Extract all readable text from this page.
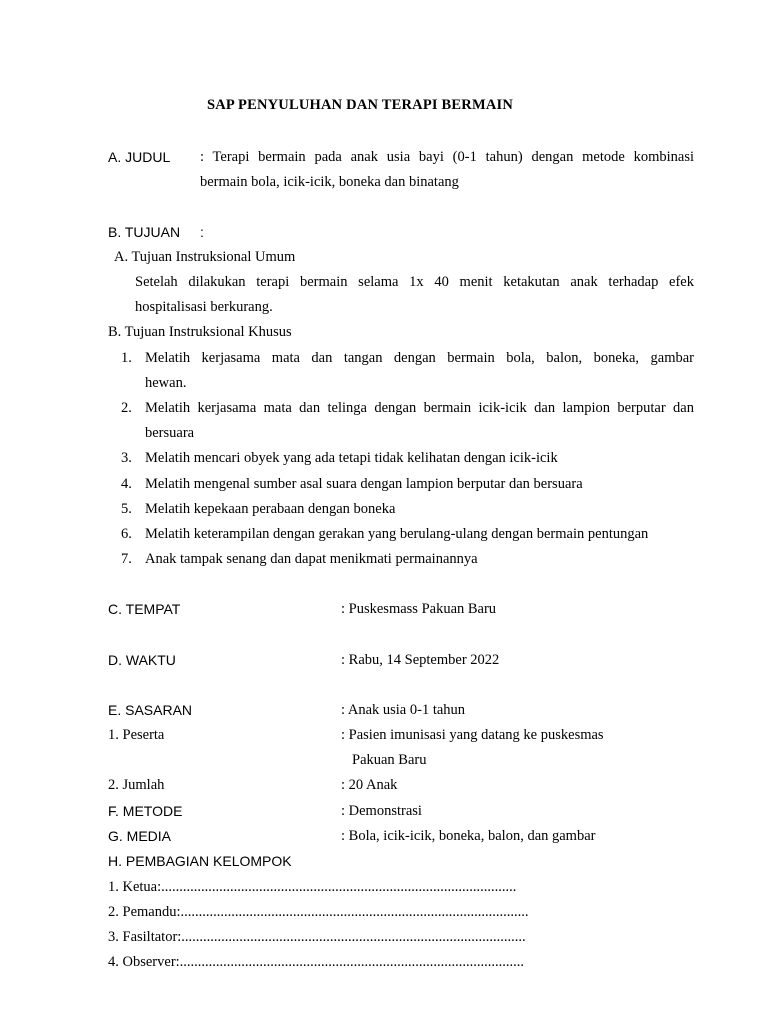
SAP PENYULUHAN DAN TERAPI BERMAIN
A. JUDUL : Terapi bermain pada anak usia bayi (0-1 tahun) dengan metode kombinasi
bermain bola, icik-icik, boneka dan binatang
B. TUJUAN :
A. Tujuan Instruksional Umum
Setelah dilakukan terapi bermain selama 1x 40 menit ketakutan anak terhadap efek
hospitalisasi berkurang.
B. Tujuan Instruksional Khusus
1. Melatih kerjasama mata dan tangan dengan bermain bola, balon, boneka, gambar
hewan.
2. Melatih kerjasama mata dan telinga dengan bermain icik-icik dan lampion berputar dan
bersuara
3. Melatih mencari obyek yang ada tetapi tidak kelihatan dengan icik-icik
4. Melatih mengenal sumber asal suara dengan lampion berputar dan bersuara
5. Melatih kepekaan perabaan dengan boneka
6. Melatih keterampilan dengan gerakan yang berulang-ulang dengan bermain pentungan
7. Anak tampak senang dan dapat menikmati permainannya
C. TEMPAT	: Puskesmass Pakuan Baru
D. WAKTU	: Rabu, 14 September 2022
E. SASARAN	: Anak usia 0-1 tahun
1. Peserta	: Pasien imunisasi yang datang ke puskesmas
Pakuan Baru
2. Jumlah	: 20 Anak
F. METODE	: Demonstrasi
G. MEDIA	: Bola, icik-icik, boneka, balon, dan gambar
H. PEMBAGIAN KELOMPOK
1. Ketua:..................................................................................................
2. Pemandu:................................................................................................
3. Fasiltator:...............................................................................................
4. Observer:...............................................................................................
